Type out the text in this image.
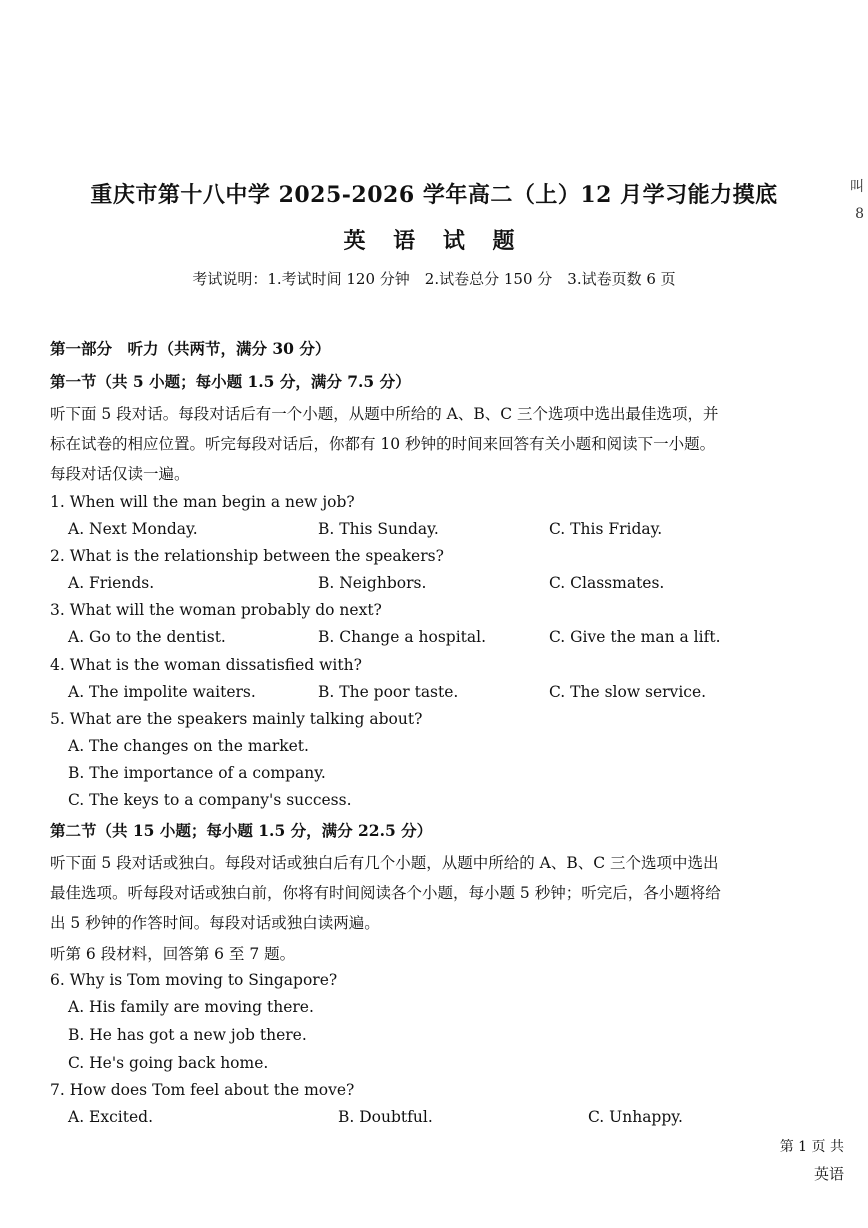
重庆市第十八中学 2025-2026 学年高二（上）12 月学习能力摸底
英 语 试 题
考试说明：1.考试时间 120 分钟　2.试卷总分 150 分　3.试卷页数 6 页
第一部分　听力（共两节，满分 30 分）
第一节（共 5 小题；每小题 1.5 分，满分 7.5 分）
听下面 5 段对话。每段对话后有一个小题，从题中所给的 A、B、C 三个选项中选出最佳选项，并
标在试卷的相应位置。听完每段对话后，你都有 10 秒钟的时间来回答有关小题和阅读下一小题。
每段对话仅读一遍。
1. When will the man begin a new job?
A. Next Monday.	B. This Sunday.	C. This Friday.
2. What is the relationship between the speakers?
A. Friends.	B. Neighbors.	C. Classmates.
3. What will the woman probably do next?
A. Go to the dentist.	B. Change a hospital.	C. Give the man a lift.
4. What is the woman dissatisfied with?
A. The impolite waiters.	B. The poor taste.	C. The slow service.
5. What are the speakers mainly talking about?
A. The changes on the market.
B. The importance of a company.
C. The keys to a company's success.
第二节（共 15 小题；每小题 1.5 分，满分 22.5 分）
听下面 5 段对话或独白。每段对话或独白后有几个小题，从题中所给的 A、B、C 三个选项中选出
最佳选项。听每段对话或独白前，你将有时间阅读各个小题，每小题 5 秒钟；听完后，各小题将给
出 5 秒钟的作答时间。每段对话或独白读两遍。
听第 6 段材料，回答第 6 至 7 题。
6. Why is Tom moving to Singapore?
A. His family are moving there.
B. He has got a new job there.
C. He's going back home.
7. How does Tom feel about the move?
A. Excited.	B. Doubtful.	C. Unhappy.
第 1 页 共
英语
叫
8
